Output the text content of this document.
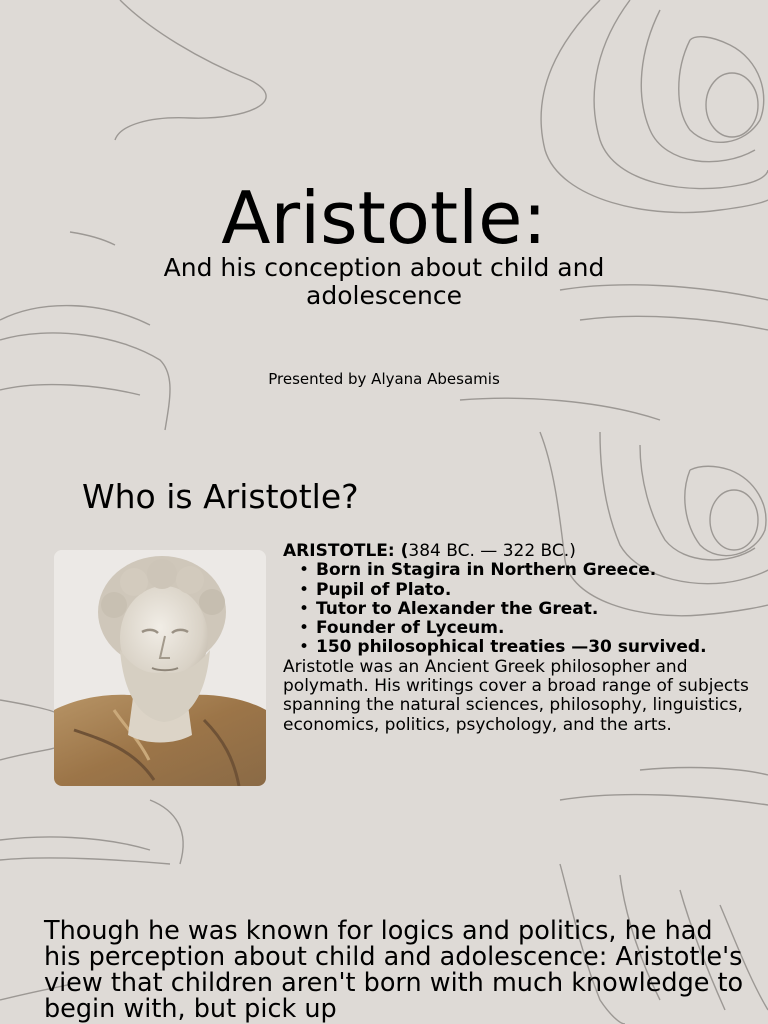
Aristotle:
And his conception about child and adolescence
Presented by Alyana Abesamis
Who is Aristotle?

ARISTOTLE: (384 BC. — 322 BC.)

• Born in Stagira in Northern Greece.
• Pupil of Plato.
• Tutor to Alexander the Great.
• Founder of Lyceum.
• 150 philosophical treaties —30 survived.

Aristotle was an Ancient Greek philosopher and polymath. His writings cover a broad range of subjects spanning the natural sciences, philosophy, linguistics, economics, politics, psychology, and the arts.

Though he was known for logics and politics, he had his perception about child and adolescence: Aristotle's view that children aren't born with much knowledge to begin with, but pick up
